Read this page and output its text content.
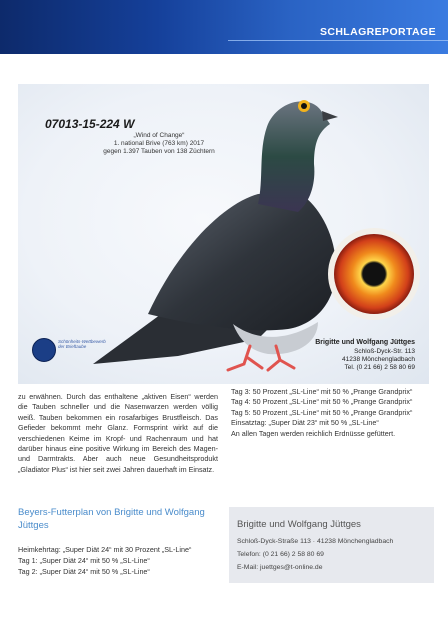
SCHLAGREPORTAGE
07013-15-224 W
„Wind of Change“
1. national Brive (763 km) 2017
gegen 1.397 Tauben von 138 Züchtern
Schönheits-Wettbewerb
der Brieftaube
Brigitte und Wolfgang Jüttges
Schloß-Dyck-Str. 113
41238 Mönchengladbach
Tel. (0 21 66) 2 58 80 69

zu erwähnen. Durch das enthaltene „aktiven Eisen“ werden die Tauben schneller und die Nasenwarzen werden völlig weiß. Tauben bekommen ein rosafarbiges Brustfleisch. Das Gefieder bekommt mehr Glanz. Formsprint wirkt auf die verschiedenen Keime im Kropf- und Rachenraum und hat darüber hinaus eine positive Wirkung im Bereich des Magen- und Darmtrakts. Aber auch neue Gesundheitsprodukt „Gladiator Plus“ ist hier seit zwei Jahren dauerhaft im Einsatz.

Tag 3: 50 Prozent „SL-Line“ mit 50 % „Prange Grandprix“

Tag 4: 50 Prozent „SL-Line“ mit 50 % „Prange Grandprix“

Tag 5: 50 Prozent „SL-Line“ mit 50 % „Prange Grandprix“

Einsatztag: „Super Diät 23“ mit 50 % „SL-Line“

An allen Tagen werden reichlich Erdnüsse gefüttert.

Beyers-Futterplan von Brigitte und Wolfgang Jüttges
Heimkehrtag: „Super Diät 24“ mit 30 Prozent „SL-Line“
Tag 1: „Super Diät 24“ mit 50 % „SL-Line“
Tag 2: „Super Diät 24“ mit 50 % „SL-Line“
Brigitte und Wolfgang Jüttges
Schloß-Dyck-Straße 113 · 41238 Mönchengladbach
Telefon: (0 21 66) 2 58 80 69
E-Mail: juettges@t-online.de
